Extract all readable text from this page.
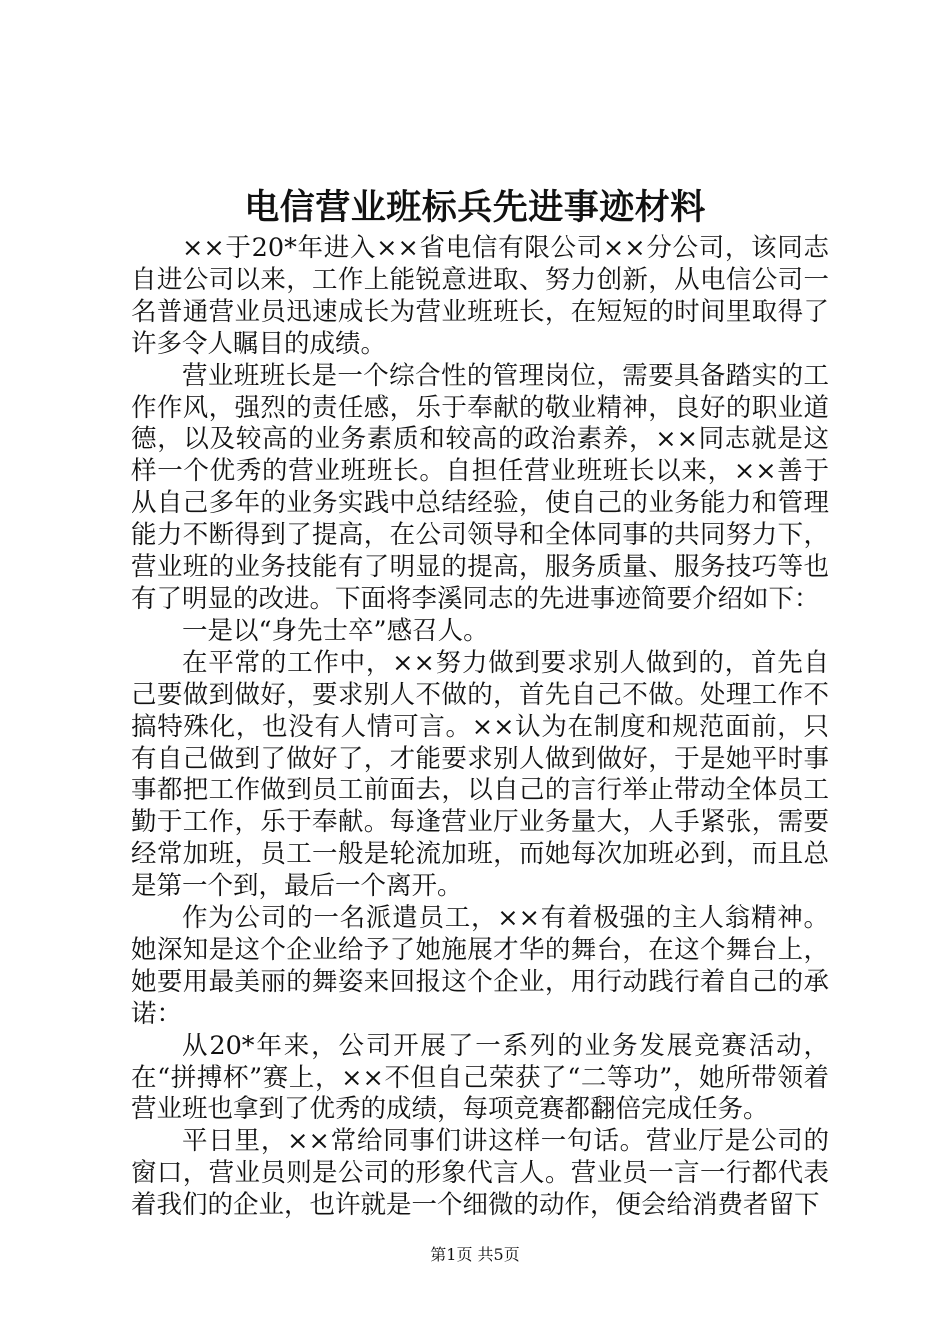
电信营业班标兵先进事迹材料

××于20*年进入××省电信有限公司××分公司，该同志自进公司以来，工作上能锐意进取、努力创新，从电信公司一名普通营业员迅速成长为营业班班长，在短短的时间里取得了许多令人瞩目的成绩。

营业班班长是一个综合性的管理岗位，需要具备踏实的工作作风，强烈的责任感，乐于奉献的敬业精神，良好的职业道德，以及较高的业务素质和较高的政治素养，××同志就是这样一个优秀的营业班班长。自担任营业班班长以来，××善于从自己多年的业务实践中总结经验，使自己的业务能力和管理能力不断得到了提高，在公司领导和全体同事的共同努力下，营业班的业务技能有了明显的提高，服务质量、服务技巧等也有了明显的改进。下面将李溪同志的先进事迹简要介绍如下：

一是以“身先士卒”感召人。

在平常的工作中，××努力做到要求别人做到的，首先自己要做到做好，要求别人不做的，首先自己不做。处理工作不搞特殊化，也没有人情可言。××认为在制度和规范面前，只有自己做到了做好了，才能要求别人做到做好，于是她平时事事都把工作做到员工前面去，以自己的言行举止带动全体员工勤于工作，乐于奉献。每逢营业厅业务量大，人手紧张，需要经常加班，员工一般是轮流加班，而她每次加班必到，而且总是第一个到，最后一个离开。

作为公司的一名派遣员工，××有着极强的主人翁精神。她深知是这个企业给予了她施展才华的舞台，在这个舞台上，她要用最美丽的舞姿来回报这个企业，用行动践行着自己的承诺：

从20*年来，公司开展了一系列的业务发展竞赛活动，在“拼搏杯”赛上，××不但自己荣获了“二等功”，她所带领着营业班也拿到了优秀的成绩，每项竞赛都翻倍完成任务。

平日里，××常给同事们讲这样一句话。营业厅是公司的窗口，营业员则是公司的形象代言人。营业员一言一行都代表着我们的企业，也许就是一个细微的动作，便会给消费者留下

第1页 共5页
